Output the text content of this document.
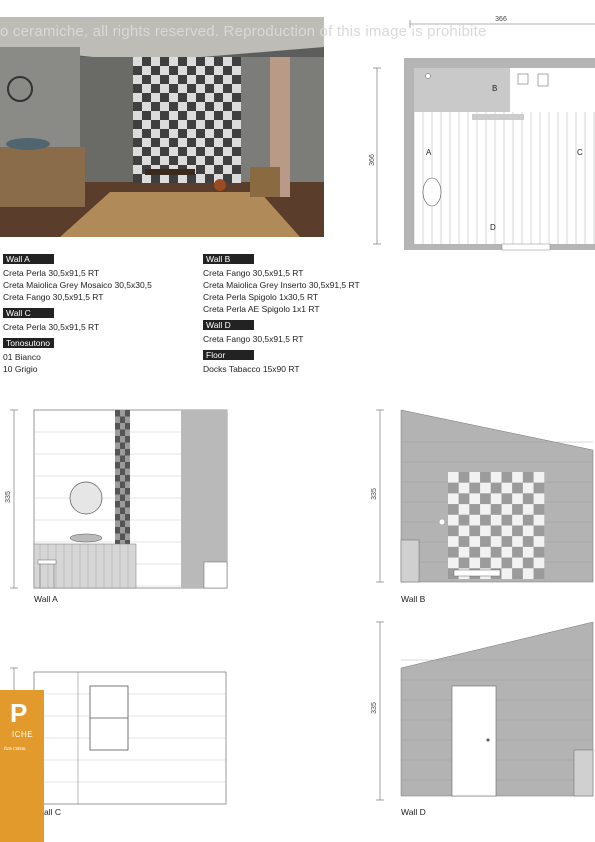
o ceramiche, all rights reserved. Reproduction of this image is prohibite
366
366
B
A	C
D
Wall A
Creta Perla 30,5x91,5 RT
Creta Maiolica Grey Mosaico 30,5x30,5
Creta Fango 30,5x91,5 RT
Wall C
Creta Perla 30,5x91,5 RT
Tonosutono
01 Bianco
10 Grigio
Wall B
Creta Fango 30,5x91,5 RT
Creta Maiolica Grey Inserto 30,5x91,5 RT
Creta Perla Spigolo 1x30,5 RT
Creta Perla AE Spigolo 1x1 RT
Wall D
Creta Fango 30,5x91,5 RT
Floor
Docks Tabacco 15x90 RT
335
Wall A
335
Wall B
335
Wall D
P
ICHE
tua casa.
all C
